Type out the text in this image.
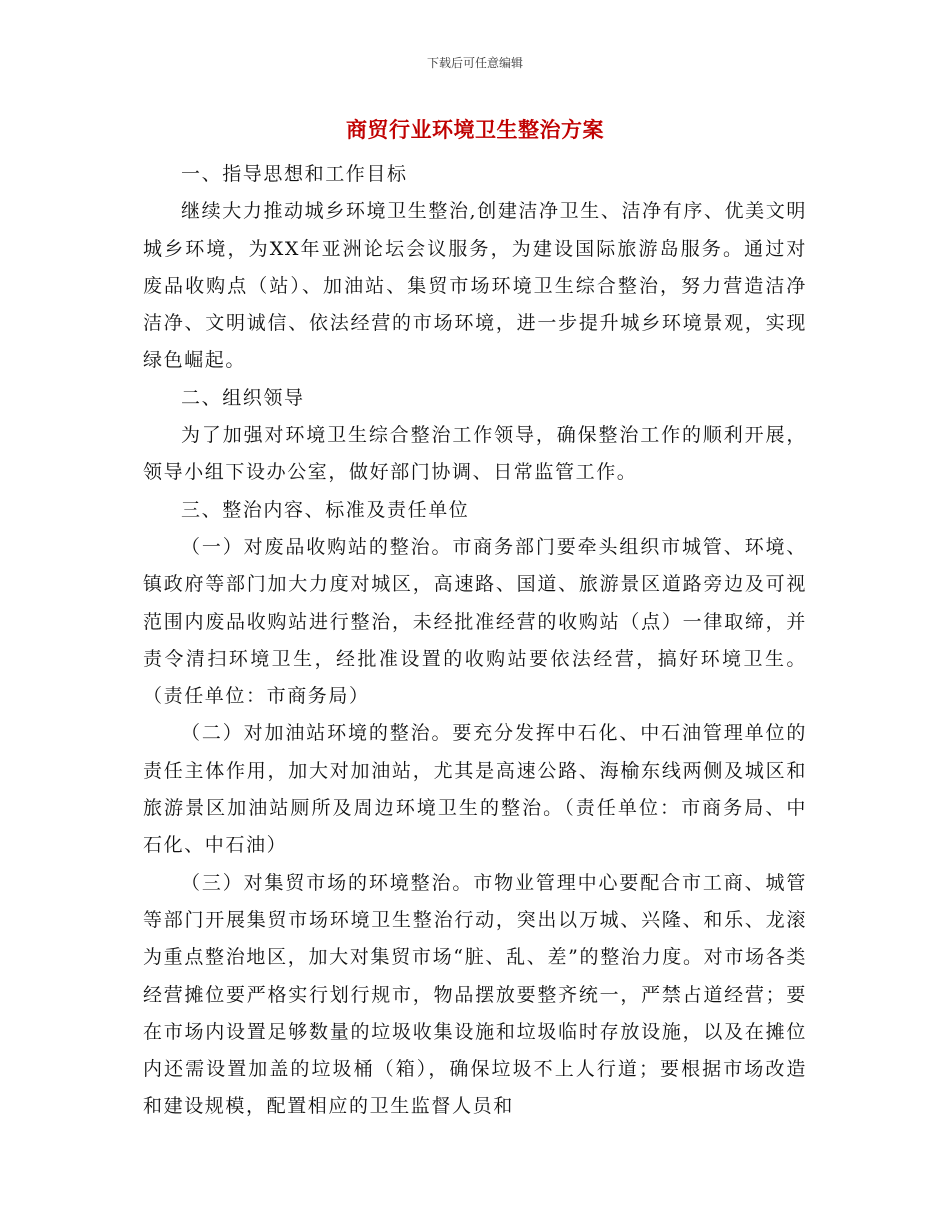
下载后可任意编辑
商贸行业环境卫生整治方案

一、指导思想和工作目标

继续大力推动城乡环境卫生整治,创建洁净卫生、洁净有序、优美文明城乡环境，为XX年亚洲论坛会议服务，为建设国际旅游岛服务。通过对废品收购点（站）、加油站、集贸市场环境卫生综合整治，努力营造洁净洁净、文明诚信、依法经营的市场环境，进一步提升城乡环境景观，实现绿色崛起。

二、组织领导

为了加强对环境卫生综合整治工作领导，确保整治工作的顺利开展，领导小组下设办公室，做好部门协调、日常监管工作。

三、整治内容、标准及责任单位

（一）对废品收购站的整治。市商务部门要牵头组织市城管、环境、镇政府等部门加大力度对城区，高速路、国道、旅游景区道路旁边及可视范围内废品收购站进行整治，未经批准经营的收购站（点）一律取缔，并责令清扫环境卫生，经批准设置的收购站要依法经营，搞好环境卫生。（责任单位：市商务局）

（二）对加油站环境的整治。要充分发挥中石化、中石油管理单位的责任主体作用，加大对加油站，尤其是高速公路、海榆东线两侧及城区和旅游景区加油站厕所及周边环境卫生的整治。（责任单位：市商务局、中石化、中石油）

（三）对集贸市场的环境整治。市物业管理中心要配合市工商、城管等部门开展集贸市场环境卫生整治行动，突出以万城、兴隆、和乐、龙滚为重点整治地区，加大对集贸市场“脏、乱、差”的整治力度。对市场各类经营摊位要严格实行划行规市，物品摆放要整齐统一，严禁占道经营；要在市场内设置足够数量的垃圾收集设施和垃圾临时存放设施，以及在摊位内还需设置加盖的垃圾桶（箱），确保垃圾不上人行道；要根据市场改造和建设规模，配置相应的卫生监督人员和
